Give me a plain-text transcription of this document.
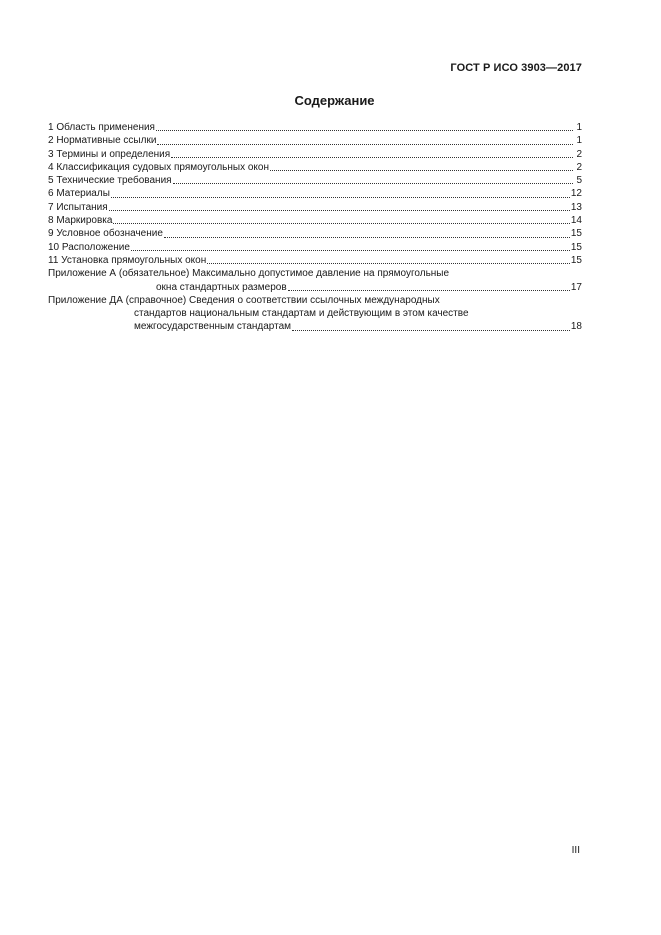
ГОСТ Р ИСО 3903—2017
Содержание
1 Область применения	1
2 Нормативные ссылки	1
3 Термины и определения	2
4 Классификация судовых прямоугольных окон	2
5 Технические требования	5
6 Материалы	12
7 Испытания	13
8 Маркировка	14
9 Условное обозначение	15
10 Расположение	15
11 Установка прямоугольных окон	15
Приложение А (обязательное) Максимально допустимое давление на прямоугольные
окна стандартных размеров	17
Приложение ДА (справочное) Сведения о соответствии ссылочных международных
стандартов национальным стандартам и действующим в этом качестве
межгосударственным стандартам	18
III
